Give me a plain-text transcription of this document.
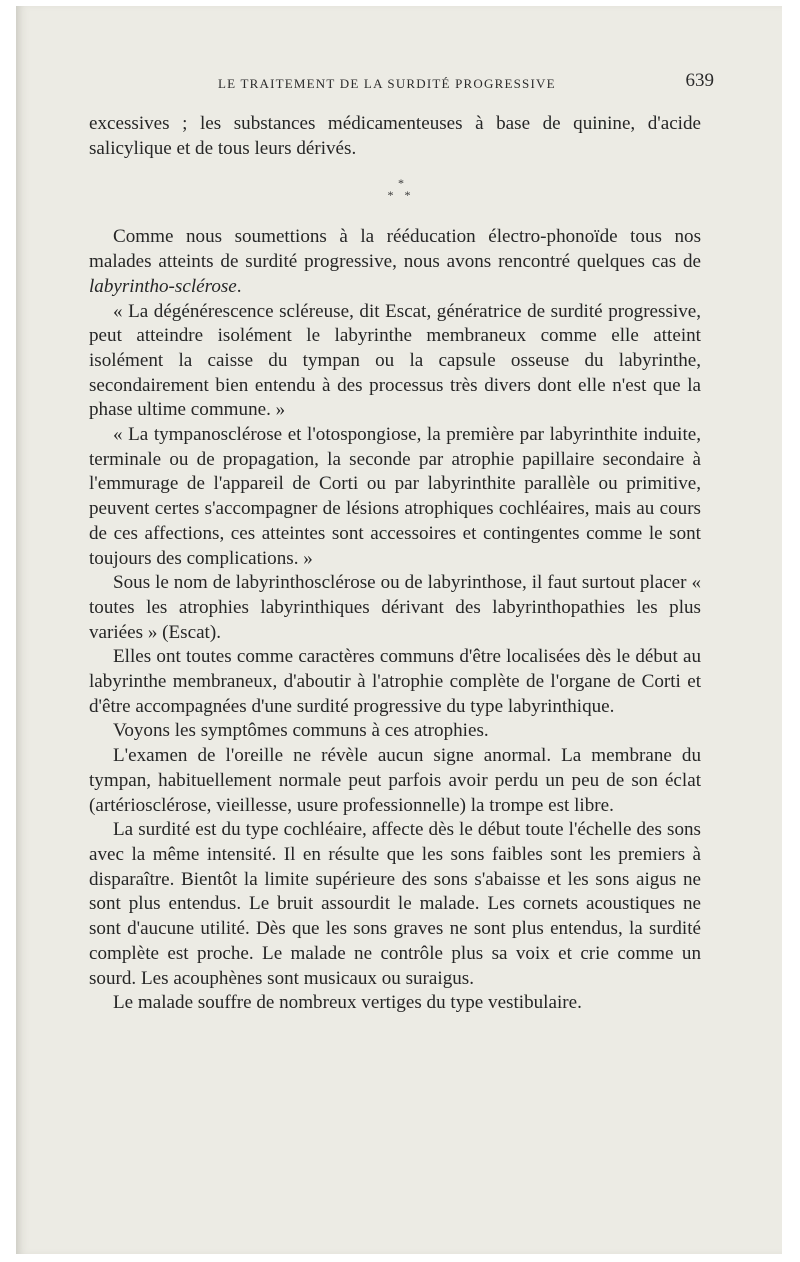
LE TRAITEMENT DE LA SURDITÉ PROGRESSIVE	639

excessives ; les substances médicamenteuses à base de quinine, d'acide salicylique et de tous leurs dérivés.

*
* *

Comme nous soumettions à la rééducation électro-phonoïde tous nos malades atteints de surdité progressive, nous avons rencontré quelques cas de labyrintho-sclérose.

« La dégénérescence scléreuse, dit Escat, génératrice de surdité progressive, peut atteindre isolément le labyrinthe membraneux comme elle atteint isolément la caisse du tympan ou la capsule osseuse du labyrinthe, secondairement bien entendu à des processus très divers dont elle n'est que la phase ultime commune. »

« La tympanosclérose et l'otospongiose, la première par labyrinthite induite, terminale ou de propagation, la seconde par atrophie papillaire secondaire à l'emmurage de l'appareil de Corti ou par labyrinthite parallèle ou primitive, peuvent certes s'accompagner de lésions atrophiques cochléaires, mais au cours de ces affections, ces atteintes sont accessoires et contingentes comme le sont toujours des complications. »

Sous le nom de labyrinthosclérose ou de labyrinthose, il faut surtout placer « toutes les atrophies labyrinthiques dérivant des labyrinthopathies les plus variées » (Escat).

Elles ont toutes comme caractères communs d'être localisées dès le début au labyrinthe membraneux, d'aboutir à l'atrophie complète de l'organe de Corti et d'être accompagnées d'une surdité progressive du type labyrinthique.

Voyons les symptômes communs à ces atrophies.

L'examen de l'oreille ne révèle aucun signe anormal. La membrane du tympan, habituellement normale peut parfois avoir perdu un peu de son éclat (artériosclérose, vieillesse, usure professionnelle) la trompe est libre.

La surdité est du type cochléaire, affecte dès le début toute l'échelle des sons avec la même intensité. Il en résulte que les sons faibles sont les premiers à disparaître. Bientôt la limite supérieure des sons s'abaisse et les sons aigus ne sont plus entendus. Le bruit assourdit le malade. Les cornets acoustiques ne sont d'aucune utilité. Dès que les sons graves ne sont plus entendus, la surdité complète est proche. Le malade ne contrôle plus sa voix et crie comme un sourd. Les acouphènes sont musicaux ou suraigus.

Le malade souffre de nombreux vertiges du type vestibulaire.
